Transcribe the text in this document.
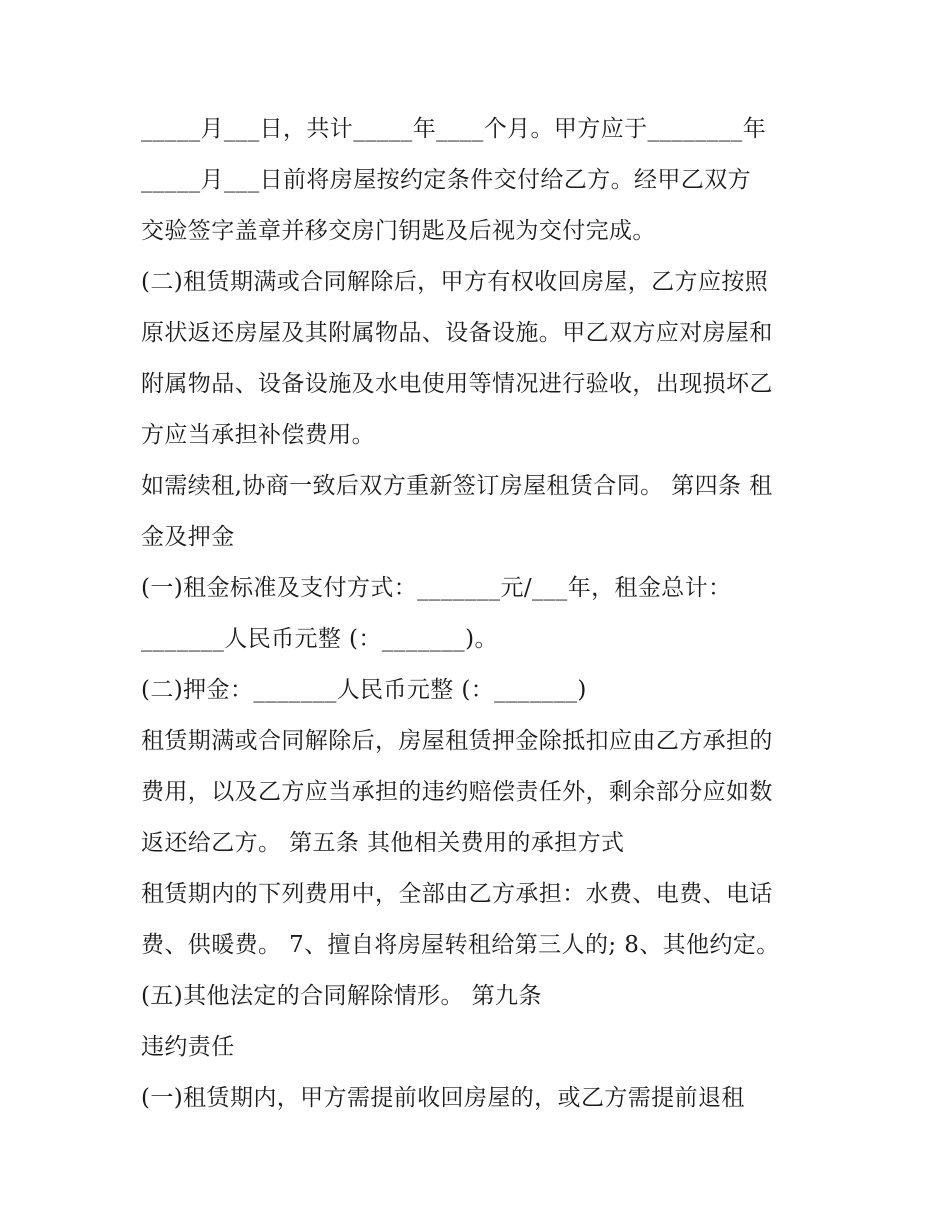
_____月___日，共计_____年____个月。甲方应于________年
_____月___日前将房屋按约定条件交付给乙方。经甲乙双方
交验签字盖章并移交房门钥匙及后视为交付完成。
(二)租赁期满或合同解除后，甲方有权收回房屋，乙方应按照
原状返还房屋及其附属物品、设备设施。甲乙双方应对房屋和
附属物品、设备设施及水电使用等情况进行验收，出现损坏乙
方应当承担补偿费用。
如需续租,协商一致后双方重新签订房屋租赁合同。 第四条 租
金及押金
(一)租金标准及支付方式：_______元/___年，租金总计：
_______人民币元整 (：_______)。
(二)押金：_______人民币元整 (：_______)
租赁期满或合同解除后，房屋租赁押金除抵扣应由乙方承担的
费用，以及乙方应当承担的违约赔偿责任外，剩余部分应如数
返还给乙方。 第五条 其他相关费用的承担方式
租赁期内的下列费用中，全部由乙方承担：水费、电费、电话
费、供暖费。 7、擅自将房屋转租给第三人的; 8、其他约定。
(五)其他法定的合同解除情形。 第九条
违约责任
(一)租赁期内，甲方需提前收回房屋的，或乙方需提前退租
